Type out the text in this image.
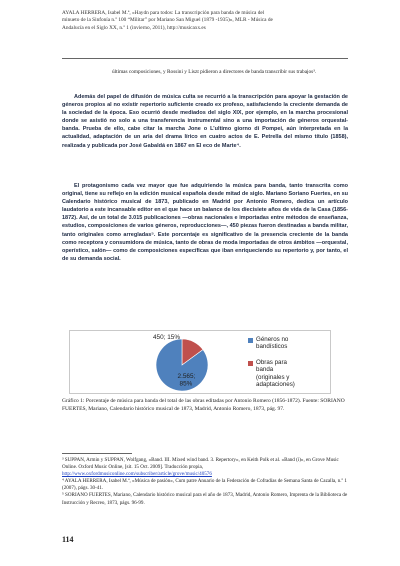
AYALA HERRERA, Isabel M.ª, «Haydn para todos: La transcripción para banda de música del
minueto de la Sinfonía n.º 100 “Militar” por Mariano San Miguel (1879 -1935)», MLR - Música de
Andalucía en el Siglo XX, n.º 1 (invierno, 2011), http://musicaxx.es
últimas composiciones, y Rossini y Liszt pidieron a directores de banda transcribir sus trabajos³.

Además del papel de difusión de música culta se recurrió a la transcripción para apoyar la gestación de géneros propios al no existir repertorio suficiente creado ex profeso, satisfaciendo la creciente demanda de la sociedad de la época. Eso ocurrió desde mediados del siglo XIX, por ejemplo, en la marcha procesional donde se asistió no solo a una transferencia instrumental sino a una importación de géneros orquestal-banda. Prueba de ello, cabe citar la marcha Jone o L’ultimo giorno di Pompei, aún interpretada en la actualidad, adaptación de un aria del drama lírico en cuatro actos de E. Petrella del mismo título (1858), realizada y publicada por José Gabaldá en 1867 en El eco de Marte⁴.

El protagonismo cada vez mayor que fue adquiriendo la música para banda, tanto transcrita como original, tiene su reflejo en la edición musical española desde mitad de siglo. Mariano Soriano Fuertes, en su Calendario histórico musical de 1873, publicado en Madrid por Antonio Romero, dedica un artículo laudatorio a este incansable editor en el que hace un balance de los diecisiete años de vida de la Casa (1856-1872). Así, de un total de 3.015 publicaciones —obras nacionales e importadas entre métodos de enseñanza, estudios, composiciones de varios géneros, reproducciones—, 450 piezas fueron destinadas a banda militar, tanto originales como arregladas⁵. Este porcentaje es significativo de la presencia creciente de la banda como receptora y consumidora de música, tanto de obras de moda importadas de otros ámbitos —orquestal, operístico, salón— como de composiciones específicas que iban enriqueciendo su repertorio y, por tanto, el de su demanda social.

2.565; 85%
450; 15%	Géneros no
bandísticos
Obras para
banda
(originales y
adaptaciones)
Gráfico 1: Porcentaje de música para banda del total de las obras editadas por Antonio Romero (1856-1872). Fuente: SORIANO FUERTES, Mariano, Calendario histórico musical de 1873, Madrid, Antonio Romero, 1873, pág. 97.

³ SUPPAN, Armin y SUPPAN, Wolfgang, «Band. III. Mixed wind band. 3. Repertory», en Keith Polk et al. «Band (i)», en Grove Music Online. Oxford Music Online, [sit. 15 Oct. 2009]. Traducción propia, http://www.oxfordmusiconline.com/subscriber/article/grove/music/40576

⁴ AYALA HERRERA, Isabel M.ª, «Música de pasión», Cum patre Anuario de la Federación de Cofradías de Semana Santa de Cazalla, n.º 1 (2007), págs. 30-41.

⁵ SORIANO FUERTES, Mariano, Calendario histórico musical para el año de 1873, Madrid, Antonio Romero, Imprenta de la Biblioteca de Instrucción y Recreo, 1873, págs. 96-99.

114
